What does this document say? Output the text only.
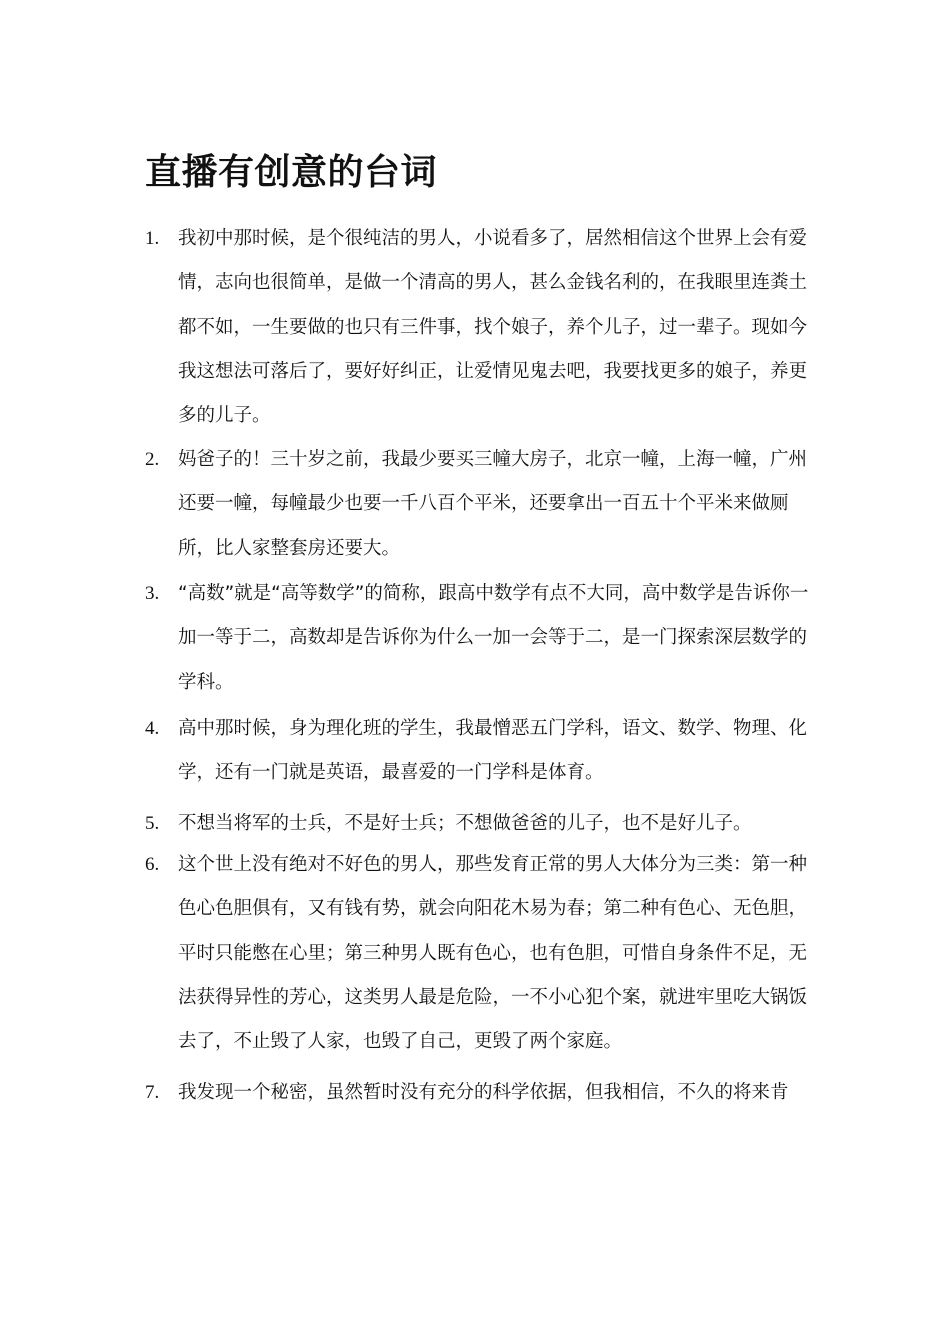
直播有创意的台词
1.	我初中那时候，是个很纯洁的男人，小说看多了，居然相信这个世界上会有爱情，志向也很简单，是做一个清高的男人，甚么金钱名利的，在我眼里连粪土都不如，一生要做的也只有三件事，找个娘子，养个儿子，过一辈子。现如今我这想法可落后了，要好好纠正，让爱情见鬼去吧，我要找更多的娘子，养更多的儿子。
2.	妈爸子的！三十岁之前，我最少要买三幢大房子，北京一幢，上海一幢，广州还要一幢，每幢最少也要一千八百个平米，还要拿出一百五十个平米来做厕所，比人家整套房还要大。
3.	“高数”就是“高等数学”的简称，跟高中数学有点不大同，高中数学是告诉你一加一等于二，高数却是告诉你为什么一加一会等于二，是一门探索深层数学的学科。
4.	高中那时候，身为理化班的学生，我最憎恶五门学科，语文、数学、物理、化学，还有一门就是英语，最喜爱的一门学科是体育。
5.	不想当将军的士兵，不是好士兵；不想做爸爸的儿子，也不是好儿子。
6.	这个世上没有绝对不好色的男人，那些发育正常的男人大体分为三类：第一种色心色胆俱有，又有钱有势，就会向阳花木易为春；第二种有色心、无色胆，平时只能憋在心里；第三种男人既有色心，也有色胆，可惜自身条件不足，无法获得异性的芳心，这类男人最是危险，一不小心犯个案，就进牢里吃大锅饭去了，不止毁了人家，也毁了自己，更毁了两个家庭。
7.	我发现一个秘密，虽然暂时没有充分的科学依据，但我相信，不久的将来肯
